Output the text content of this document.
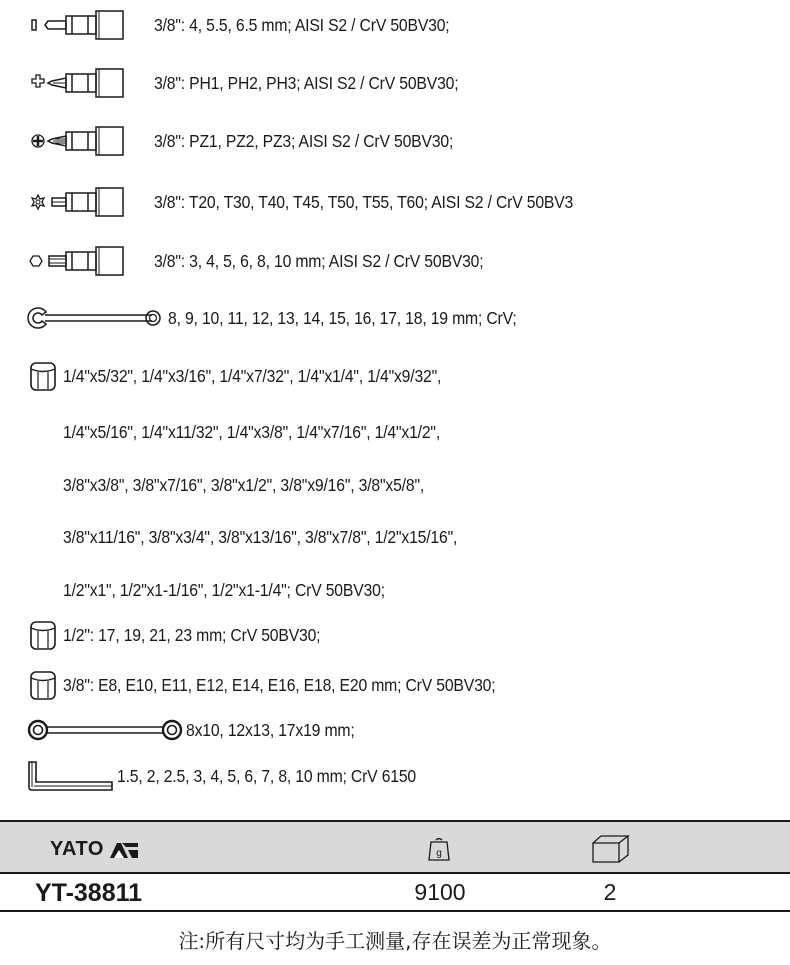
3/8": 4, 5.5, 6.5 mm; AISI S2 / CrV 50BV30;
3/8": PH1, PH2, PH3; AISI S2 / CrV 50BV30;
3/8": PZ1, PZ2, PZ3; AISI S2 / CrV 50BV30;
3/8": T20, T30, T40, T45, T50, T55, T60; AISI S2 / CrV 50BV3
3/8": 3, 4, 5, 6, 8, 10 mm; AISI S2 / CrV 50BV30;
8, 9, 10, 11, 12, 13, 14, 15, 16, 17, 18, 19 mm; CrV;
1/4"x5/32", 1/4"x3/16", 1/4"x7/32", 1/4"x1/4", 1/4"x9/32",
1/4"x5/16", 1/4"x11/32", 1/4"x3/8", 1/4"x7/16", 1/4"x1/2",
3/8"x3/8", 3/8"x7/16", 3/8"x1/2", 3/8"x9/16", 3/8"x5/8",
3/8"x11/16", 3/8"x3/4", 3/8"x13/16", 3/8"x7/8", 1/2"x15/16",
1/2"x1", 1/2"x1-1/16", 1/2"x1-1/4"; CrV 50BV30;
1/2": 17, 19, 21, 23 mm; CrV 50BV30;
3/8": E8, E10, E11, E12, E14, E16, E18, E20 mm; CrV 50BV30;
8x10, 12x13, 17x19 mm;
1.5, 2, 2.5, 3, 4, 5, 6, 7, 8, 10 mm; CrV 6150
YATO	g
YT-38811	9100	2
注:所有尺寸均为手工测量,存在误差为正常现象。
